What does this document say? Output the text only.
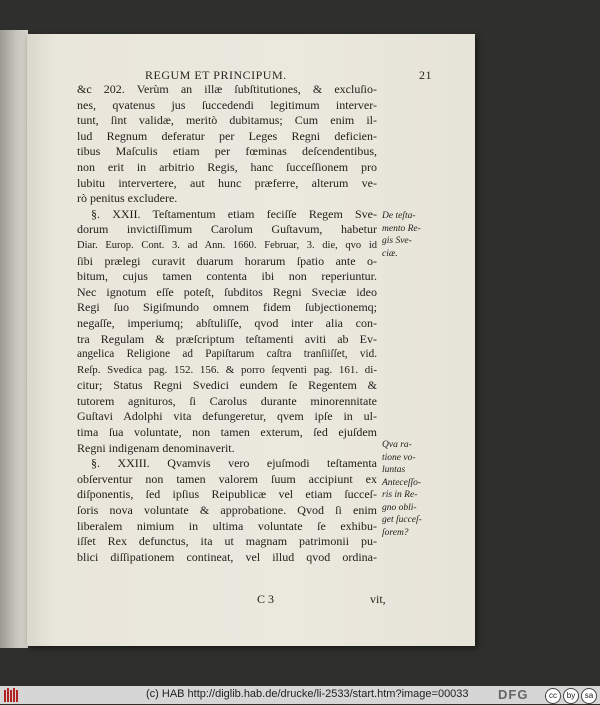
REGUM ET PRINCIPUM.	21
&c 202. Verùm an illæ ſubſtitutiones, & excluſio-
nes, qvatenus jus ſuccedendi legitimum interver-
tunt, ſint validæ, meritò dubitamus; Cum enim il-
lud Regnum deferatur per Leges Regni deficien-
tibus Maſculis etiam per fœminas deſcendentibus,
non erit in arbitrio Regis, hanc ſucceſſionem pro
lubitu intervertere, aut hunc præferre, alterum ve-
rò penitus excludere.
§. XXII. Teſtamentum etiam feciſſe Regem Sve-
dorum invictiſſimum Carolum Guſtavum, habetur
Diar. Europ. Cont. 3. ad Ann. 1660. Februar, 3. die, qvo id
ſibi prælegi curavit duarum horarum ſpatio ante o-
bitum, cujus tamen contenta ibi non reperiuntur.
Nec ignotum eſſe poteſt, ſubditos Regni Sveciæ ideo
Regi ſuo Sigiſmundo omnem fidem ſubjectionemq;
negaſſe, imperiumq; abſtuliſſe, qvod inter alia con-
tra Regulam & præſcriptum teſtamenti aviti ab Ev-
angelica Religione ad Papiſtarum caſtra tranſiiſſet, vid.
Reſp. Svedica pag. 152. 156. & porro ſeqventi pag. 161. di-
citur; Status Regni Svedici eundem ſe Regentem &
tutorem agnituros, ſi Carolus durante minorennitate
Guſtavi Adolphi vita defungeretur, qvem ipſe in ul-
tima ſua voluntate, non tamen exterum, ſed ejuſdem
Regni indigenam denominaverit.
§. XXIII. Qvamvis vero ejuſmodi teſtamenta
obſerventur non tamen valorem ſuum accipiunt ex
diſponentis, ſed ipſius Reipublicæ vel etiam ſucceſ-
ſoris nova voluntate & approbatione. Qvod ſi enim
liberalem nimium in ultima voluntate ſe exhibu-
iſſet Rex defunctus, ita ut magnam patrimonii pu-
blici diſſipationem contineat, vel illud qvod ordina-
De teſta-
mento Re-
gis Sve-
ciæ.
Qva ra-
tione vo-
luntas
Anteceſſo-
ris in Re-
gno obli-
get ſucceſ-
ſorem?
C 3	vit,
(c) HAB http://diglib.hab.de/drucke/li-2533/start.htm?image=00033 DFG	cc	by	sa
